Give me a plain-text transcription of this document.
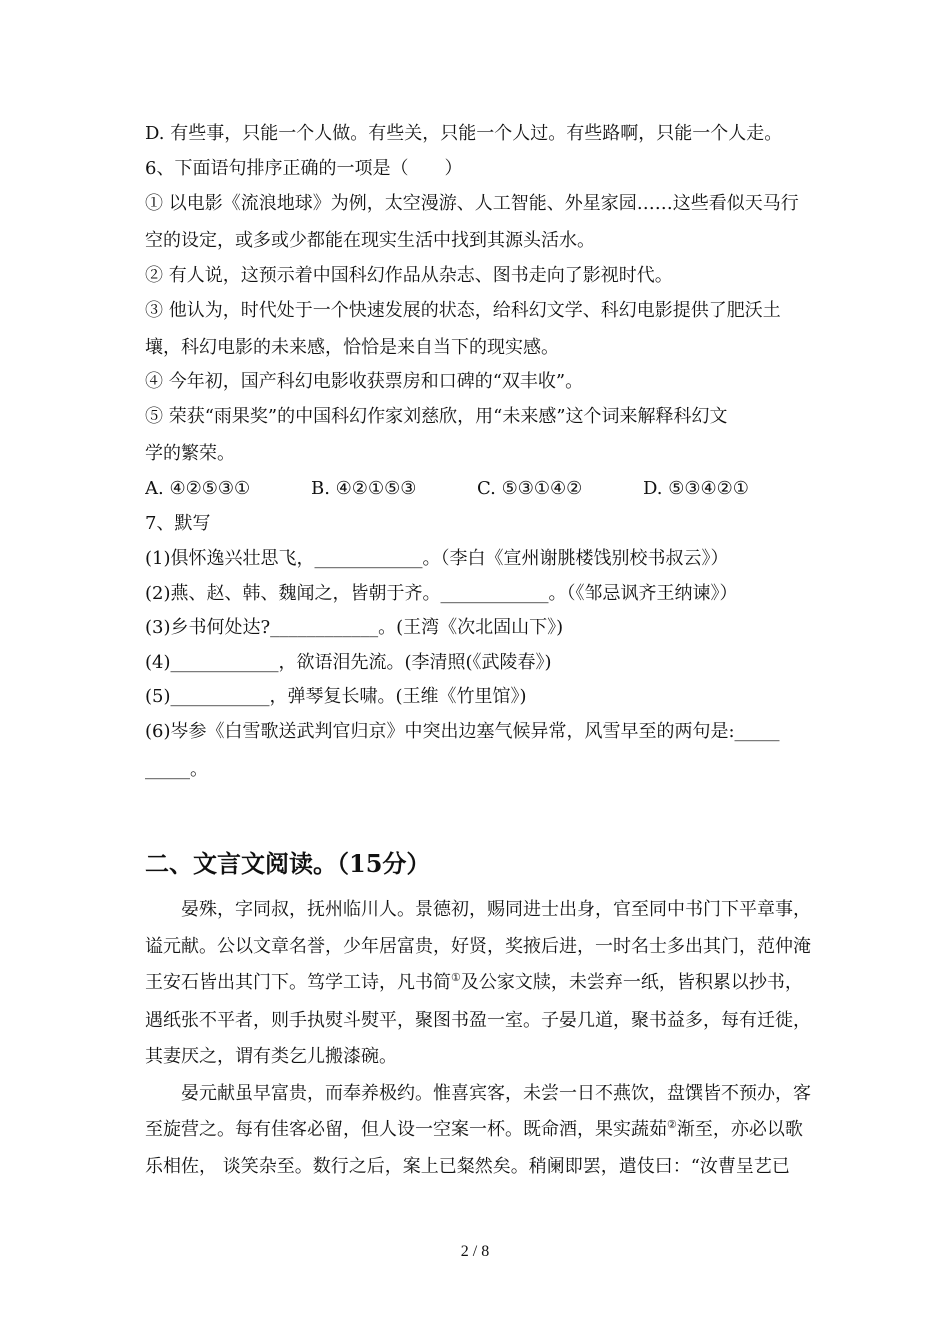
D. 有些事，只能一个人做。有些关，只能一个人过。有些路啊，只能一个人走。
6、下面语句排序正确的一项是（　　）
① 以电影《流浪地球》为例，太空漫游、人工智能、外星家园……这些看似天马行
空的设定，或多或少都能在现实生活中找到其源头活水。
② 有人说，这预示着中国科幻作品从杂志、图书走向了影视时代。
③ 他认为，时代处于一个快速发展的状态，给科幻文学、科幻电影提供了肥沃土
壤，科幻电影的未来感，恰恰是来自当下的现实感。
④ 今年初，国产科幻电影收获票房和口碑的“双丰收”。
⑤ 荣获“雨果奖”的中国科幻作家刘慈欣，用“未来感”这个词来解释科幻文
学的繁荣。
A. ④②⑤③①	B. ④②①⑤③	C. ⑤③①④②	D. ⑤③④②①
7、默写
(1)俱怀逸兴壮思飞，____________。（李白《宣州谢朓楼饯别校书叔云》）
(2)燕、赵、韩、魏闻之，皆朝于齐。____________。（《邹忌讽齐王纳谏》）
(3)乡书何处达?____________。(王湾《次北固山下》)
(4)____________，欲语泪先流。(李清照(《武陵春》)
(5)___________，弹琴复长啸。(王维《竹里馆》)
(6)岑参《白雪歌送武判官归京》中突出边塞气候异常，风雪早至的两句是:_____
_____。
二、文言文阅读。（15分）
晏殊，字同叔，抚州临川人。景德初，赐同进士出身，官至同中书门下平章事，
谥元献。公以文章名誉，少年居富贵，好贤，奖掖后进，一时名士多出其门，范仲淹
王安石皆出其门下。笃学工诗，凡书简①及公家文牍，未尝弃一纸，皆积累以抄书，
遇纸张不平者，则手执熨斗熨平，聚图书盈一室。子晏几道，聚书益多，每有迁徙，
其妻厌之，谓有类乞儿搬漆碗。
晏元献虽早富贵，而奉养极约。惟喜宾客，未尝一日不燕饮，盘馔皆不预办，客
至旋营之。每有佳客必留，但人设一空案一杯。既命酒，果实蔬茹②渐至，亦必以歌
乐相佐， 谈笑杂至。数行之后，案上已粲然矣。稍阑即罢，遣伎曰：“汝曹呈艺已
2 / 8
